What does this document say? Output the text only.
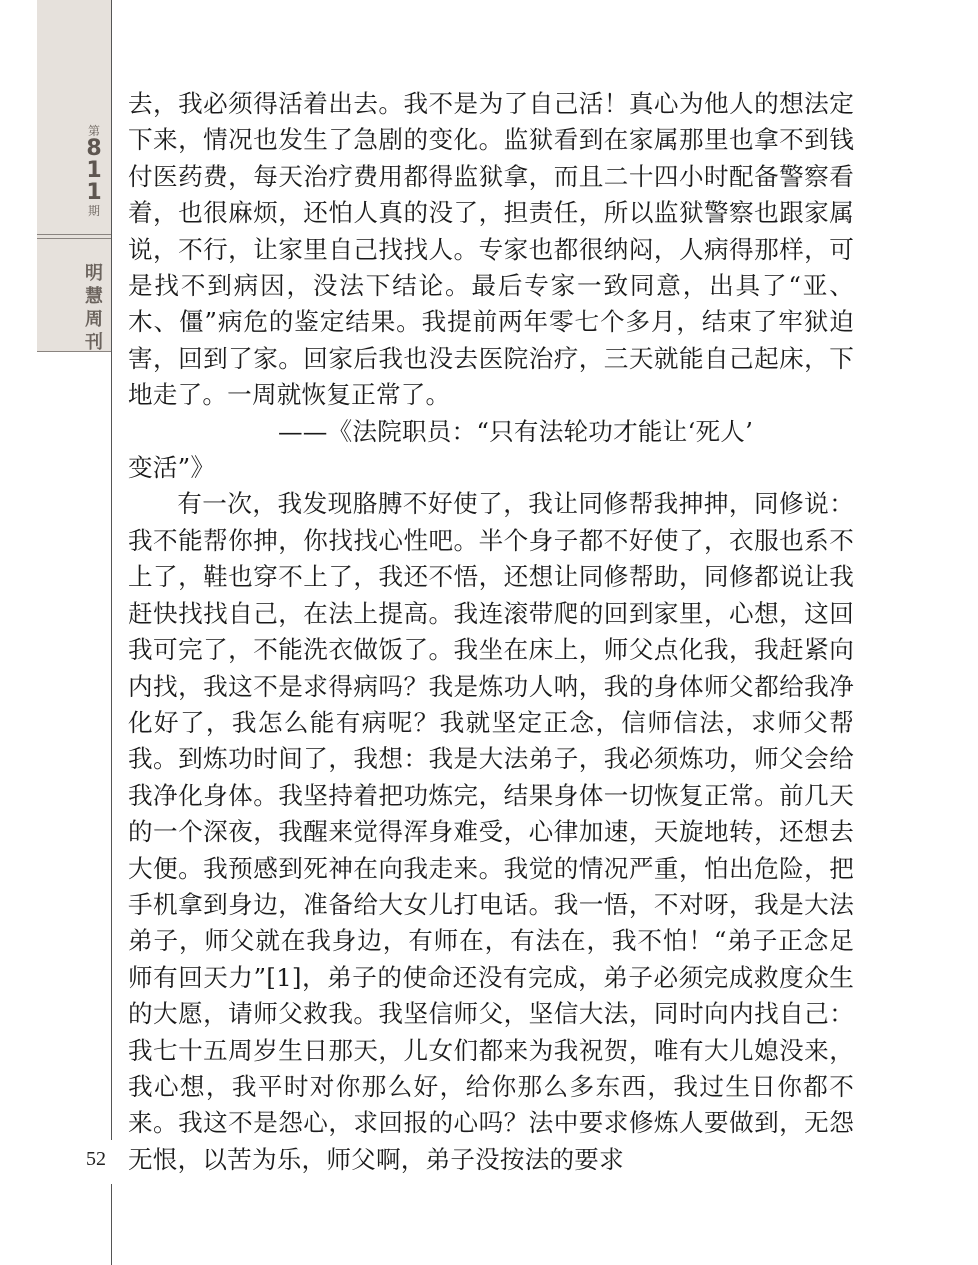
第
8
1
1
期
明
慧
周
刊
52

去，我必须得活着出去。我不是为了自己活！真心为他人的想法定下来，情况也发生了急剧的变化。监狱看到在家属那里也拿不到钱付医药费，每天治疗费用都得监狱拿，而且二十四小时配备警察看着，也很麻烦，还怕人真的没了，担责任，所以监狱警察也跟家属说，不行，让家里自己找找人。专家也都很纳闷，人病得那样，可是找不到病因，没法下结论。最后专家一致同意，出具了“亚、木、僵”病危的鉴定结果。我提前两年零七个多月，结束了牢狱迫害，回到了家。回家后我也没去医院治疗，三天就能自己起床，下地走了。一周就恢复正常了。

——《法院职员：“只有法轮功才能让‘死人’

变活”》

有一次，我发现胳膊不好使了，我让同修帮我抻抻，同修说：我不能帮你抻，你找找心性吧。半个身子都不好使了，衣服也系不上了，鞋也穿不上了，我还不悟，还想让同修帮助，同修都说让我赶快找找自己，在法上提高。我连滚带爬的回到家里，心想，这回我可完了，不能洗衣做饭了。我坐在床上，师父点化我，我赶紧向内找，我这不是求得病吗？我是炼功人呐，我的身体师父都给我净化好了，我怎么能有病呢？我就坚定正念，信师信法，求师父帮我。到炼功时间了，我想：我是大法弟子，我必须炼功，师父会给我净化身体。我坚持着把功炼完，结果身体一切恢复正常。前几天的一个深夜，我醒来觉得浑身难受，心律加速，天旋地转，还想去大便。我预感到死神在向我走来。我觉的情况严重，怕出危险，把手机拿到身边，准备给大女儿打电话。我一悟，不对呀，我是大法弟子，师父就在我身边，有师在，有法在，我不怕！“弟子正念足师有回天力”[1]，弟子的使命还没有完成，弟子必须完成救度众生的大愿，请师父救我。我坚信师父，坚信大法，同时向内找自己：我七十五周岁生日那天，儿女们都来为我祝贺，唯有大儿媳没来，我心想，我平时对你那么好，给你那么多东西，我过生日你都不来。我这不是怨心，求回报的心吗？法中要求修炼人要做到，无怨无恨，以苦为乐，师父啊，弟子没按法的要求
